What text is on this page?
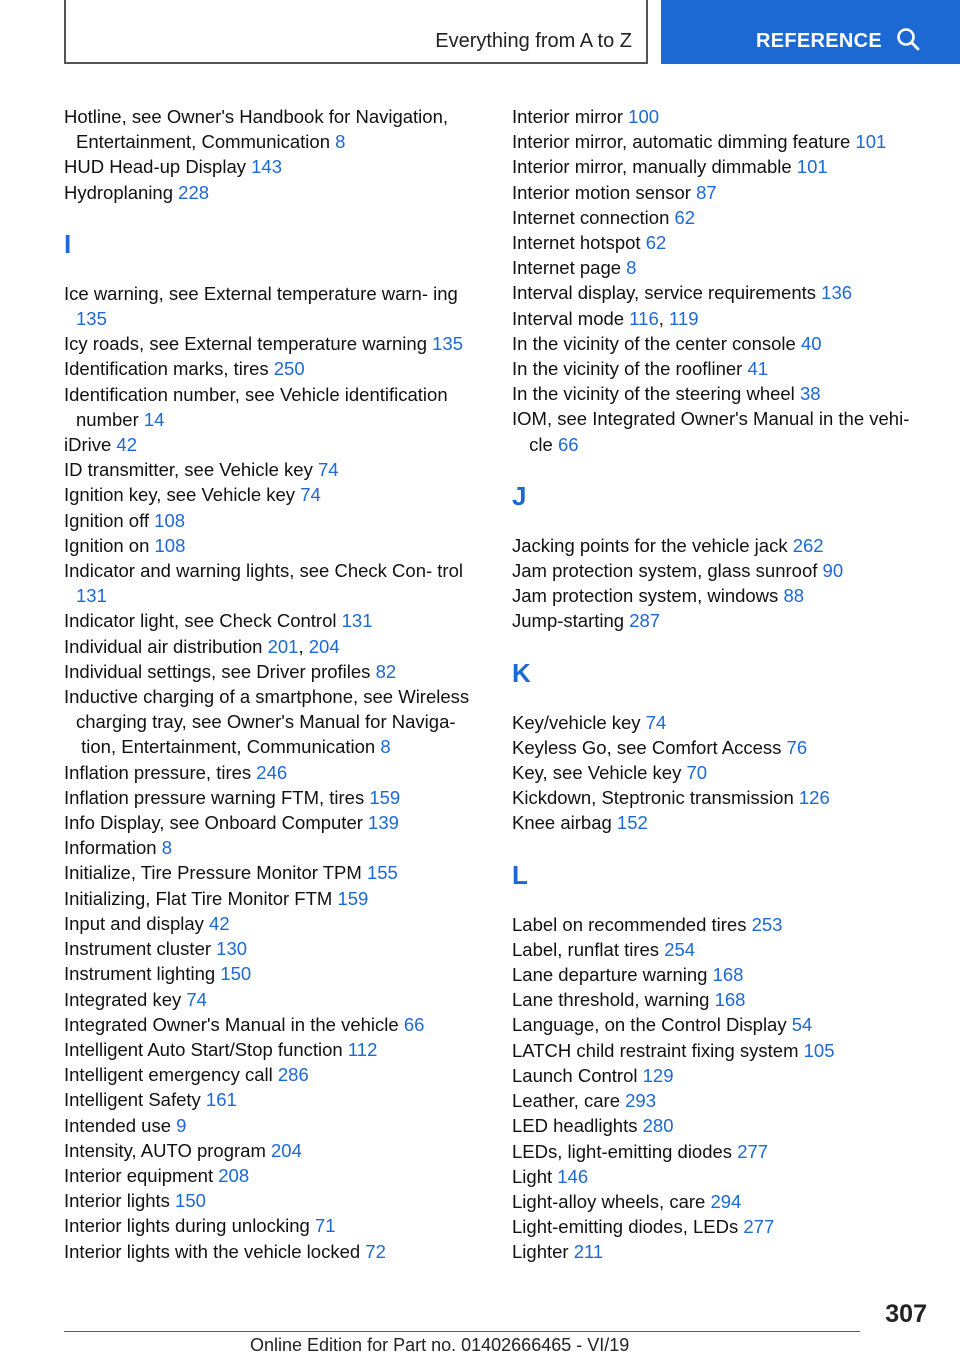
Everything from A to Z	REFERENCE
Hotline, see Owner's Handbook for Navigation, Entertainment, Communication 8
HUD Head-up Display 143
Hydroplaning 228
I
Ice warning, see External temperature warn- ing 135
Icy roads, see External temperature warning 135
Identification marks, tires 250
Identification number, see Vehicle identification number 14
iDrive 42
ID transmitter, see Vehicle key 74
Ignition key, see Vehicle key 74
Ignition off 108
Ignition on 108
Indicator and warning lights, see Check Con- trol 131
Indicator light, see Check Control 131
Individual air distribution 201, 204
Individual settings, see Driver profiles 82
Inductive charging of a smartphone, see Wireless charging tray, see Owner's Manual for Naviga- tion, Entertainment, Communication 8
Inflation pressure, tires 246
Inflation pressure warning FTM, tires 159
Info Display, see Onboard Computer 139
Information 8
Initialize, Tire Pressure Monitor TPM 155
Initializing, Flat Tire Monitor FTM 159
Input and display 42
Instrument cluster 130
Instrument lighting 150
Integrated key 74
Integrated Owner's Manual in the vehicle 66
Intelligent Auto Start/Stop function 112
Intelligent emergency call 286
Intelligent Safety 161
Intended use 9
Intensity, AUTO program 204
Interior equipment 208
Interior lights 150
Interior lights during unlocking 71
Interior lights with the vehicle locked 72
Interior mirror 100
Interior mirror, automatic dimming feature 101
Interior mirror, manually dimmable 101
Interior motion sensor 87
Internet connection 62
Internet hotspot 62
Internet page 8
Interval display, service requirements 136
Interval mode 116, 119
In the vicinity of the center console 40
In the vicinity of the roofliner 41
In the vicinity of the steering wheel 38
IOM, see Integrated Owner's Manual in the vehi- cle 66
J
Jacking points for the vehicle jack 262
Jam protection system, glass sunroof 90
Jam protection system, windows 88
Jump-starting 287
K
Key/vehicle key 74
Keyless Go, see Comfort Access 76
Key, see Vehicle key 70
Kickdown, Steptronic transmission 126
Knee airbag 152
L
Label on recommended tires 253
Label, runflat tires 254
Lane departure warning 168
Lane threshold, warning 168
Language, on the Control Display 54
LATCH child restraint fixing system 105
Launch Control 129
Leather, care 293
LED headlights 280
LEDs, light-emitting diodes 277
Light 146
Light-alloy wheels, care 294
Light-emitting diodes, LEDs 277
Lighter 211
307
Online Edition for Part no. 01402666465 - VI/19
